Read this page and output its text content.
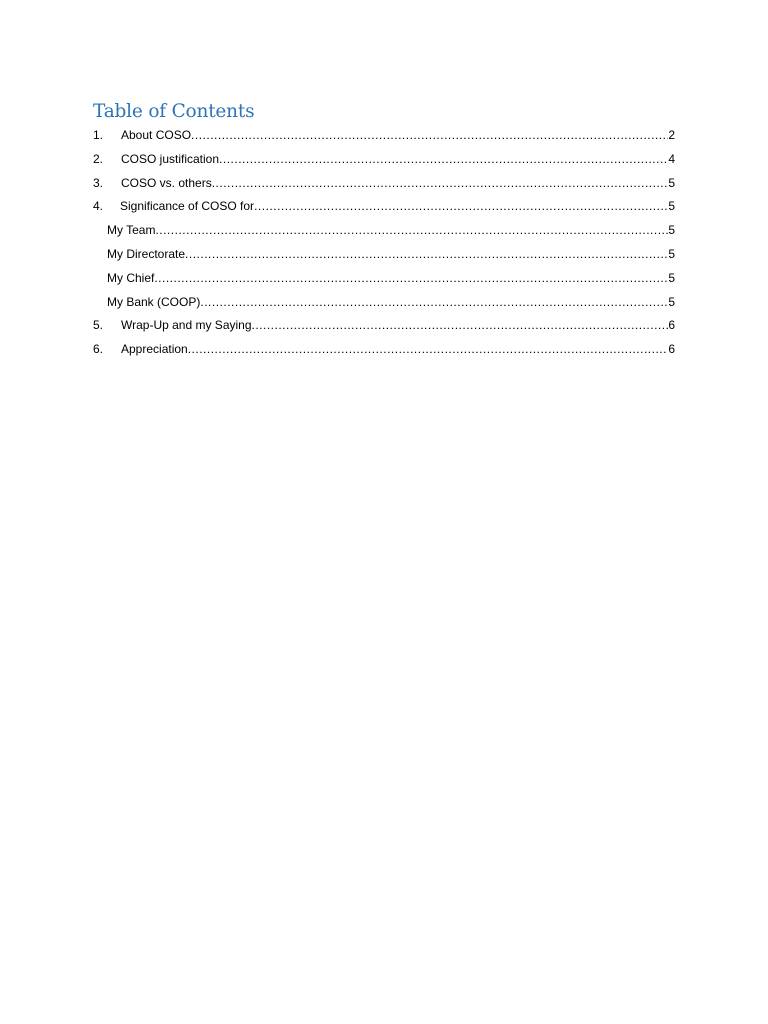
Table of Contents
1.	About COSO .....	2
2.	COSO justification .....	4
3.	COSO vs. others .....	5
4.	Significance of COSO for .....	5
My Team .....	5
My Directorate .....	5
My Chief .....	5
My Bank (COOP) .....	5
5.	Wrap-Up and my Saying .....	6
6.	Appreciation .....	6
